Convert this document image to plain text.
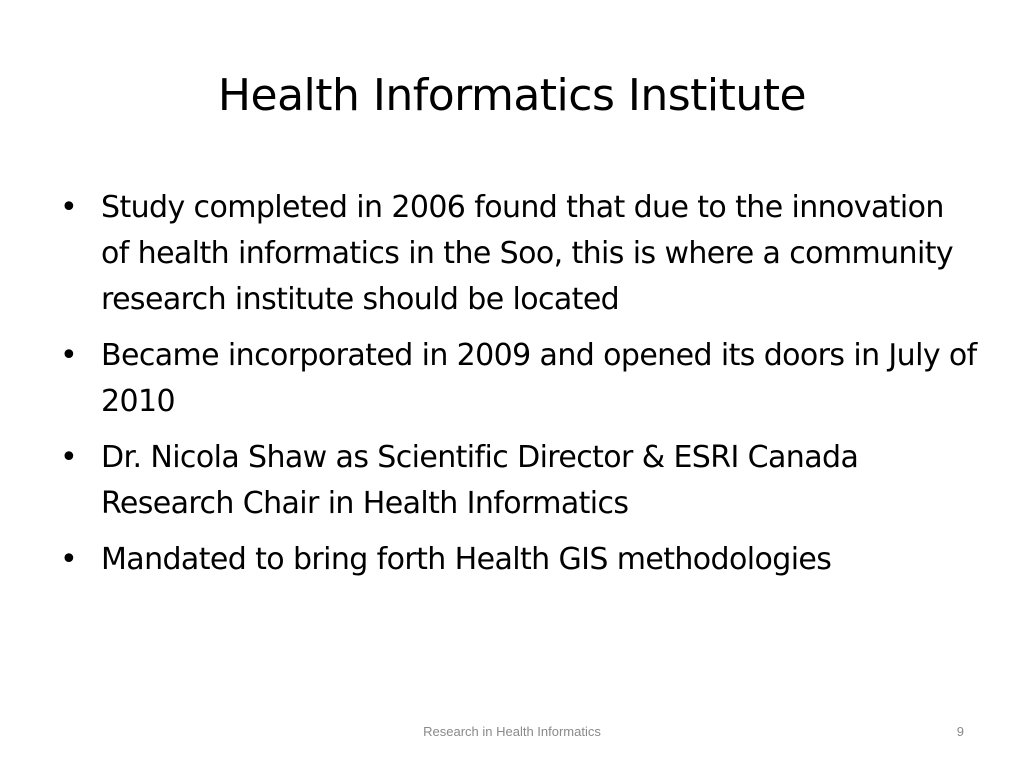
Health Informatics Institute
• Study completed in 2006 found that due to the innovation of health informatics in the Soo, this is where a community research institute should be located
• Became incorporated in 2009 and opened its doors in July of 2010
• Dr. Nicola Shaw as Scientific Director & ESRI Canada Research Chair in Health Informatics
• Mandated to bring forth Health GIS methodologies
Research in Health Informatics	9
